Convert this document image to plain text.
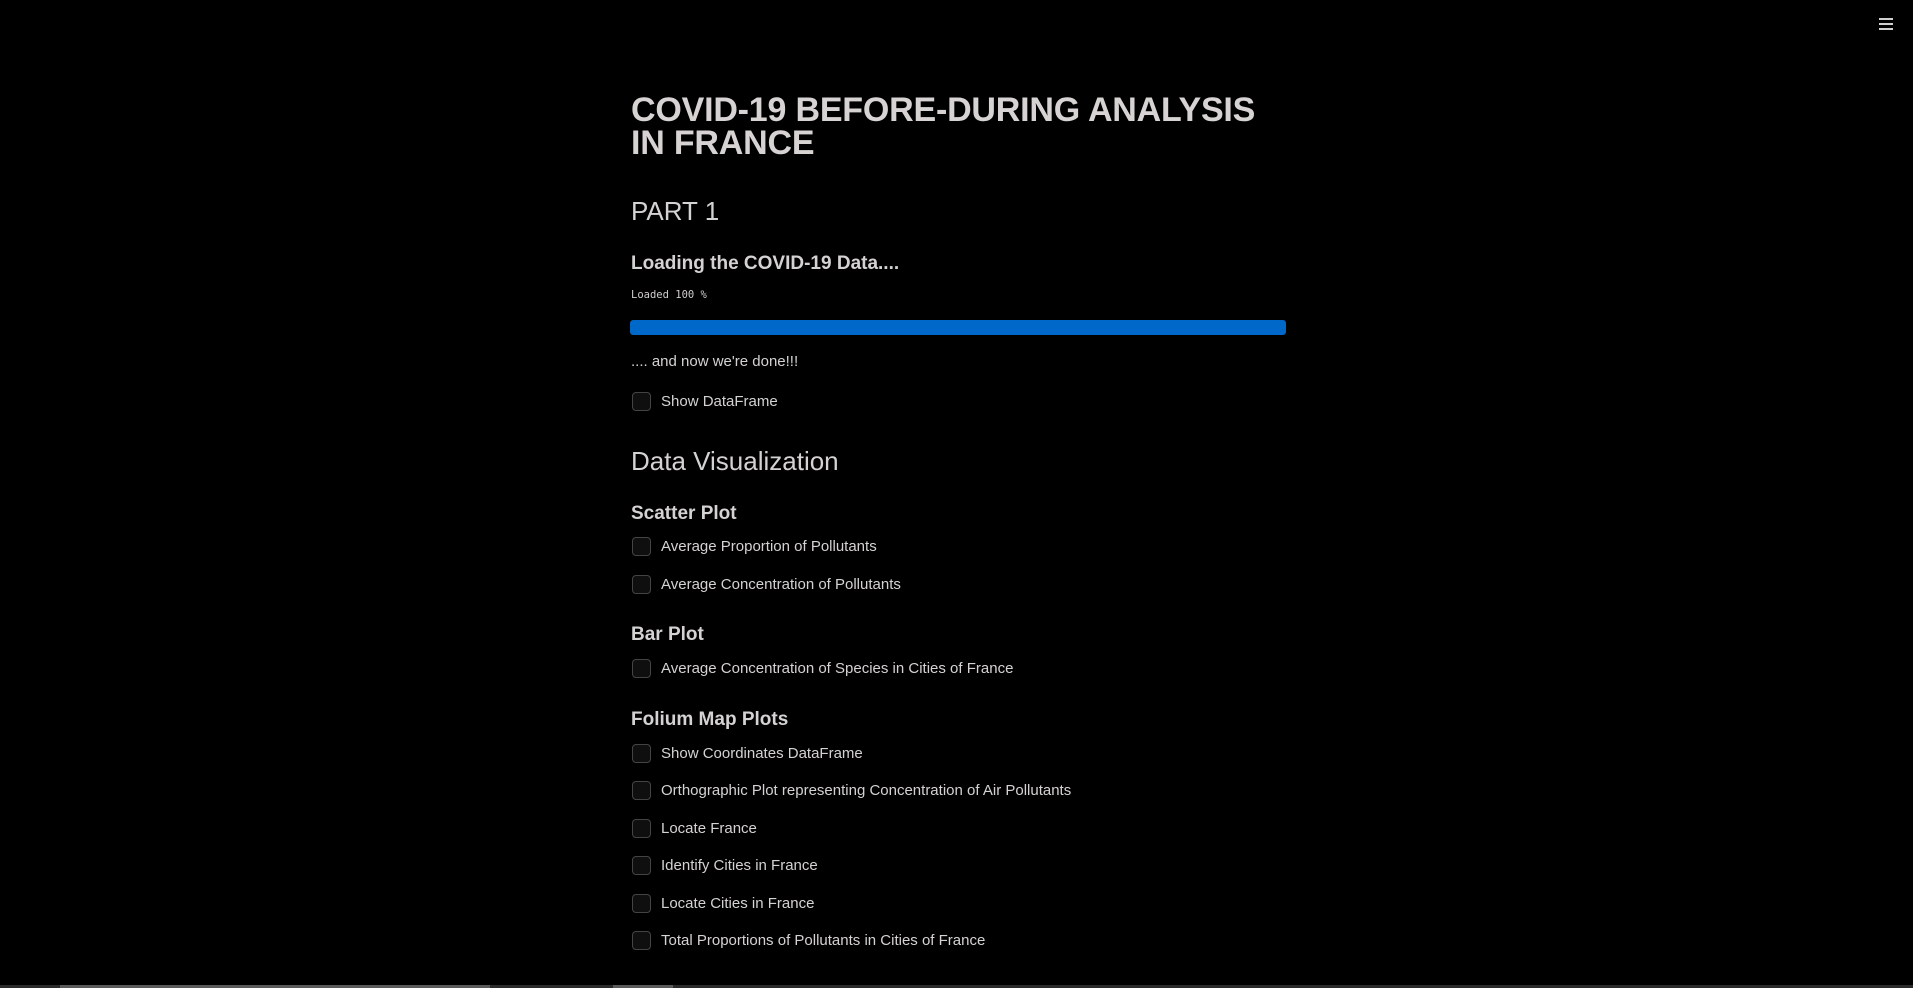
COVID-19 BEFORE-DURING ANALYSIS IN FRANCE
PART 1
Loading the COVID-19 Data....
Loaded 100 %

.... and now we're done!!!

Show DataFrame
Data Visualization
Scatter Plot
Average Proportion of Pollutants
Average Concentration of Pollutants
Bar Plot
Average Concentration of Species in Cities of France
Folium Map Plots
Show Coordinates DataFrame
Orthographic Plot representing Concentration of Air Pollutants
Locate France
Identify Cities in France
Locate Cities in France
Total Proportions of Pollutants in Cities of France
